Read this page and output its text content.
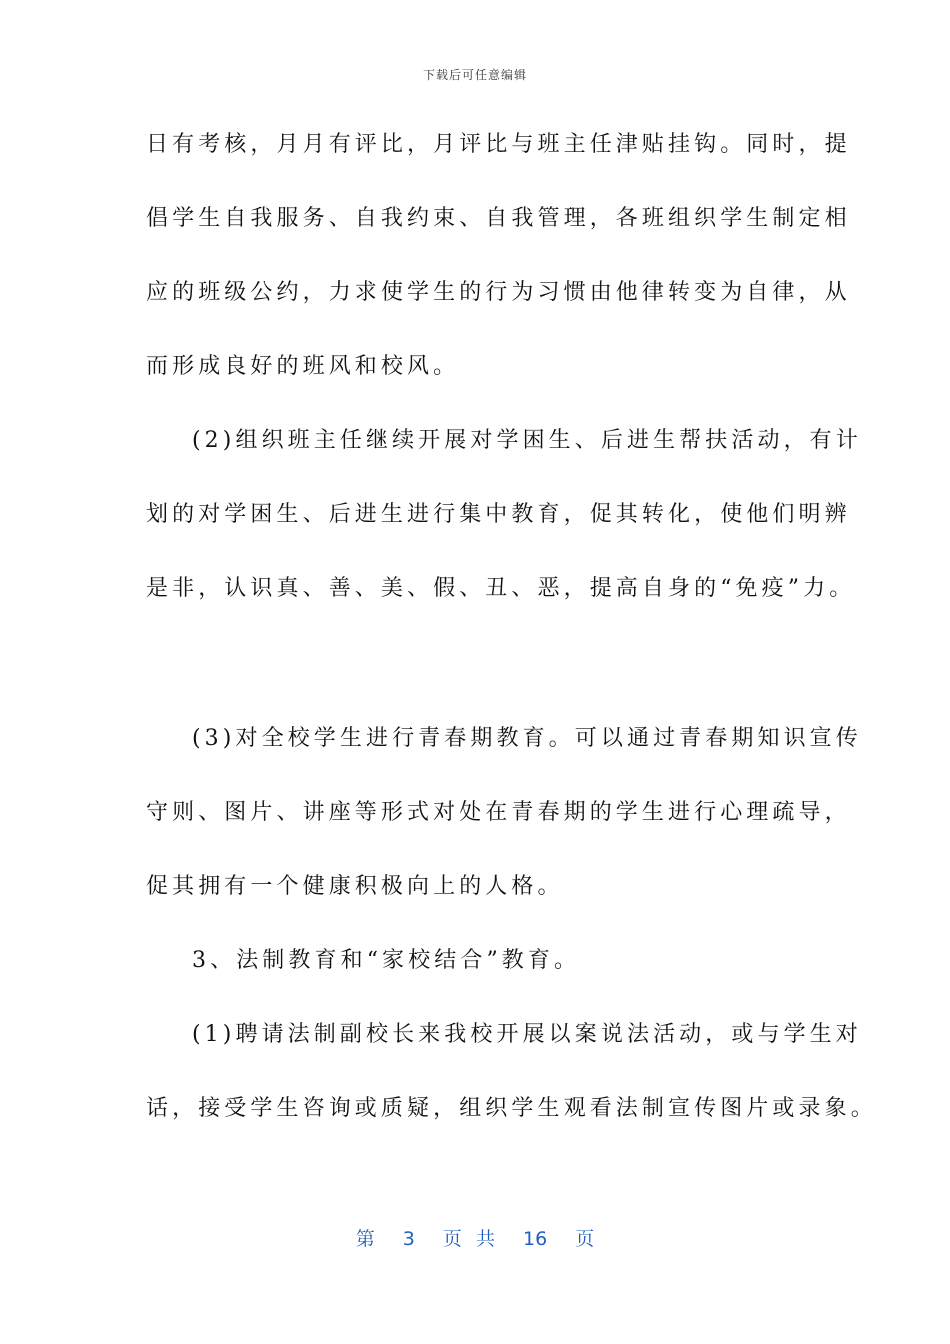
下载后可任意编辑
日有考核，月月有评比，月评比与班主任津贴挂钩。同时，提
倡学生自我服务、自我约束、自我管理，各班组织学生制定相
应的班级公约，力求使学生的行为习惯由他律转变为自律，从
而形成良好的班风和校风。
(2)组织班主任继续开展对学困生、后进生帮扶活动，有计
划的对学困生、后进生进行集中教育，促其转化，使他们明辨
是非，认识真、善、美、假、丑、恶，提高自身的“免疫”力。
(3)对全校学生进行青春期教育。可以通过青春期知识宣传
守则、图片、讲座等形式对处在青春期的学生进行心理疏导，
促其拥有一个健康积极向上的人格。
3、法制教育和“家校结合”教育。
(1)聘请法制副校长来我校开展以案说法活动，或与学生对
话，接受学生咨询或质疑，组织学生观看法制宣传图片或录象。
第 3 页 共 16 页
